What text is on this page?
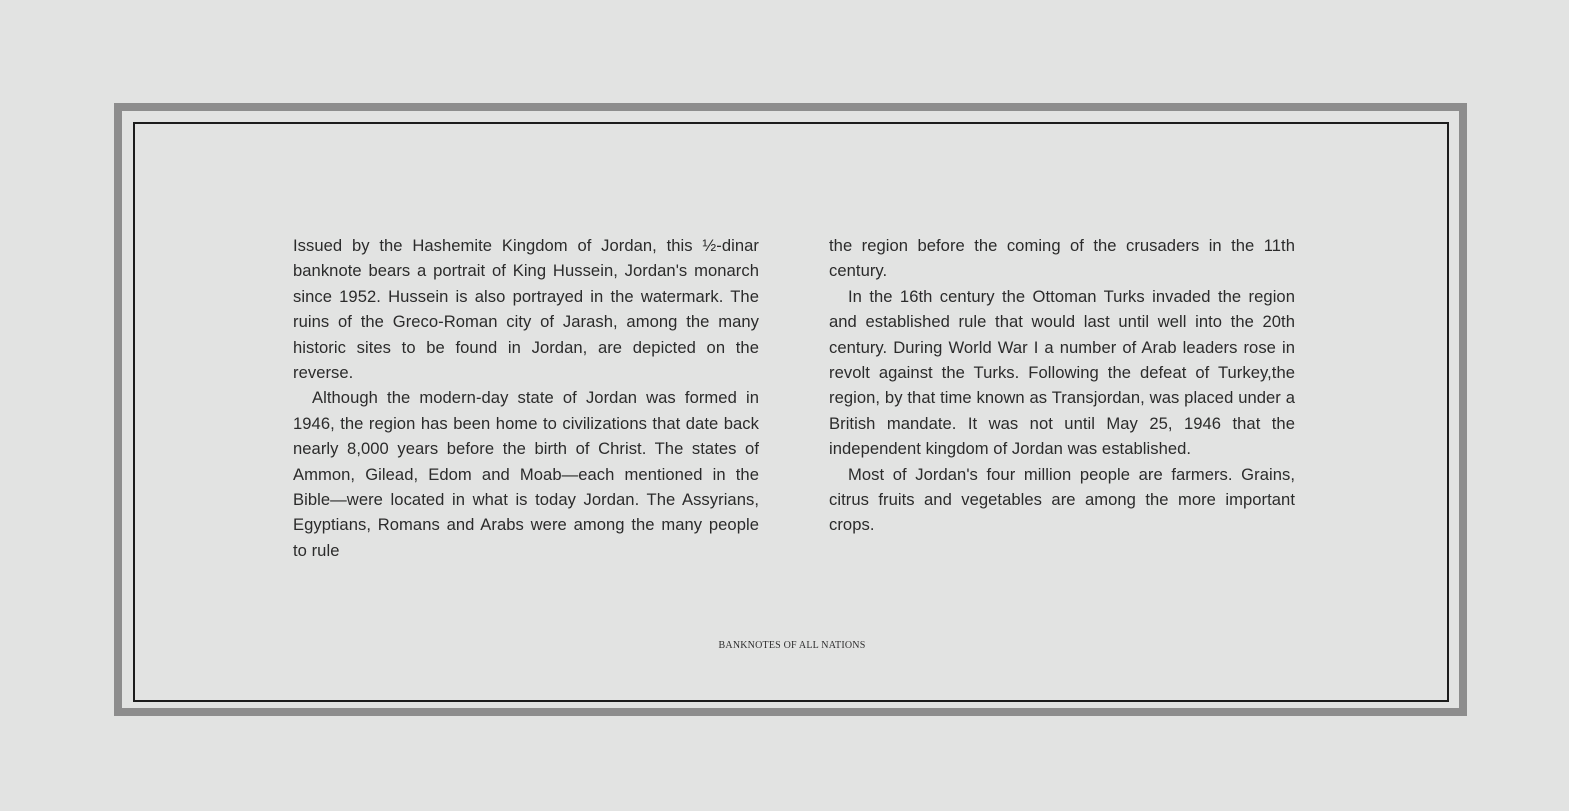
Issued by the Hashemite Kingdom of Jordan, this ½-dinar banknote bears a portrait of King Hussein, Jordan's monarch since 1952. Hussein is also portrayed in the watermark. The ruins of the Greco-Roman city of Jarash, among the many historic sites to be found in Jordan, are depicted on the reverse.

Although the modern-day state of Jordan was formed in 1946, the region has been home to civilizations that date back nearly 8,000 years before the birth of Christ. The states of Ammon, Gilead, Edom and Moab—each mentioned in the Bible—were located in what is today Jordan. The Assyrians, Egyptians, Romans and Arabs were among the many people to rule

the region before the coming of the crusaders in the 11th century.

In the 16th century the Ottoman Turks invaded the region and established rule that would last until well into the 20th century. During World War I a number of Arab leaders rose in revolt against the Turks. Following the defeat of Turkey,the region, by that time known as Transjordan, was placed under a British mandate. It was not until May 25, 1946 that the independent kingdom of Jordan was established.

Most of Jordan's four million people are farmers. Grains, citrus fruits and vegetables are among the more important crops.

BANKNOTES OF ALL NATIONS
